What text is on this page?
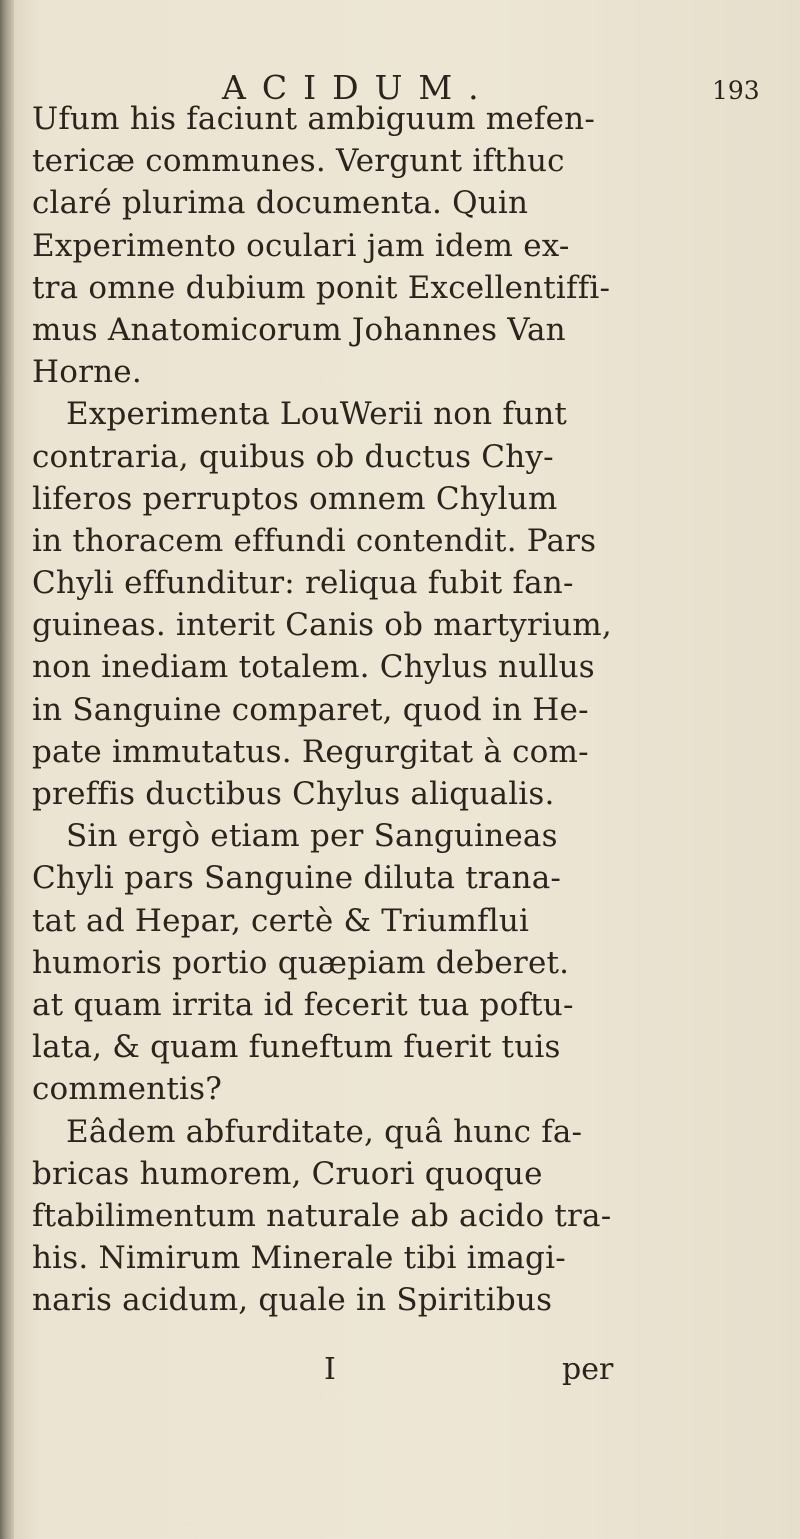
ACIDUM.	193
Ufum his faciunt ambiguum mefen-
tericæ communes. Vergunt ifthuc
claré plurima documenta. Quin
Experimento oculari jam idem ex-
tra omne dubium ponit Excellentiffi-
mus Anatomicorum Johannes Van
Horne.
Experimenta LouWerii non funt
contraria, quibus ob ductus Chy-
liferos perruptos omnem Chylum
in thoracem effundi contendit. Pars
Chyli effunditur: reliqua fubit fan-
guineas. interit Canis ob martyrium,
non inediam totalem. Chylus nullus
in Sanguine comparet, quod in He-
pate immutatus. Regurgitat à com-
preffis ductibus Chylus aliqualis.
Sin ergò etiam per Sanguineas
Chyli pars Sanguine diluta trana-
tat ad Hepar, certè & Triumflui
humoris portio quæpiam deberet.
at quam irrita id fecerit tua poftu-
lata, & quam funeftum fuerit tuis
commentis?
Eâdem abfurditate, quâ hunc fa-
bricas humorem, Cruori quoque
ftabilimentum naturale ab acido tra-
his. Nimirum Minerale tibi imagi-
naris acidum, quale in Spiritibus
I	per
